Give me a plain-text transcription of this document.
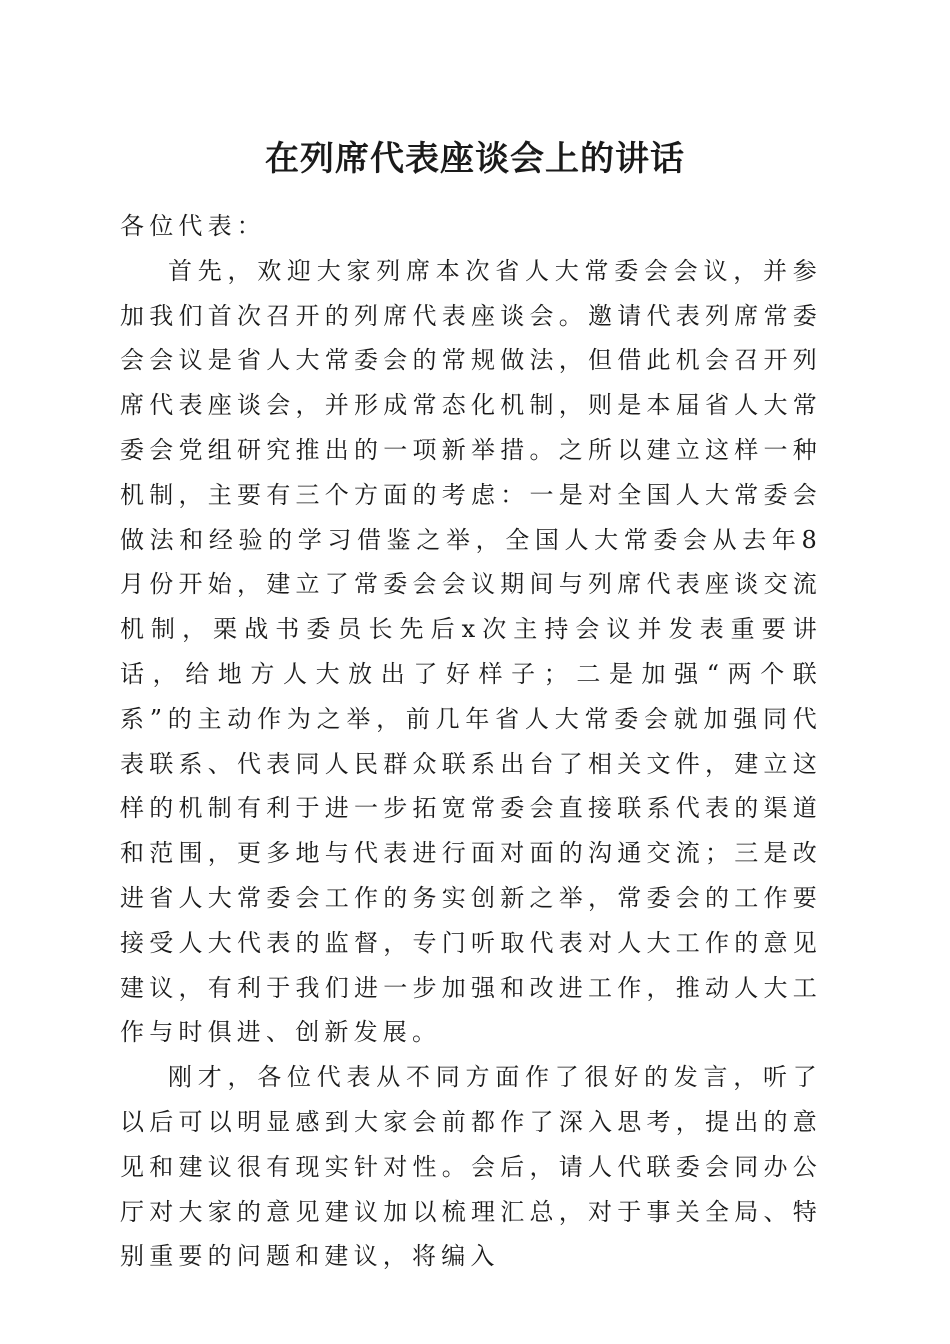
在列席代表座谈会上的讲话

各位代表：

首先，欢迎大家列席本次省人大常委会会议，并参加我们首次召开的列席代表座谈会。邀请代表列席常委会会议是省人大常委会的常规做法，但借此机会召开列席代表座谈会，并形成常态化机制，则是本届省人大常委会党组研究推出的一项新举措。之所以建立这样一种机制，主要有三个方面的考虑：一是对全国人大常委会做法和经验的学习借鉴之举，全国人大常委会从去年8月份开始，建立了常委会会议期间与列席代表座谈交流机制，栗战书委员长先后x次主持会议并发表重要讲话，给地方人大放出了好样子；二是加强“两个联系”的主动作为之举，前几年省人大常委会就加强同代表联系、代表同人民群众联系出台了相关文件，建立这样的机制有利于进一步拓宽常委会直接联系代表的渠道和范围，更多地与代表进行面对面的沟通交流；三是改进省人大常委会工作的务实创新之举，常委会的工作要接受人大代表的监督，专门听取代表对人大工作的意见建议，有利于我们进一步加强和改进工作，推动人大工作与时俱进、创新发展。

刚才，各位代表从不同方面作了很好的发言，听了以后可以明显感到大家会前都作了深入思考，提出的意见和建议很有现实针对性。会后，请人代联委会同办公厅对大家的意见建议加以梳理汇总，对于事关全局、特别重要的问题和建议，将编入
